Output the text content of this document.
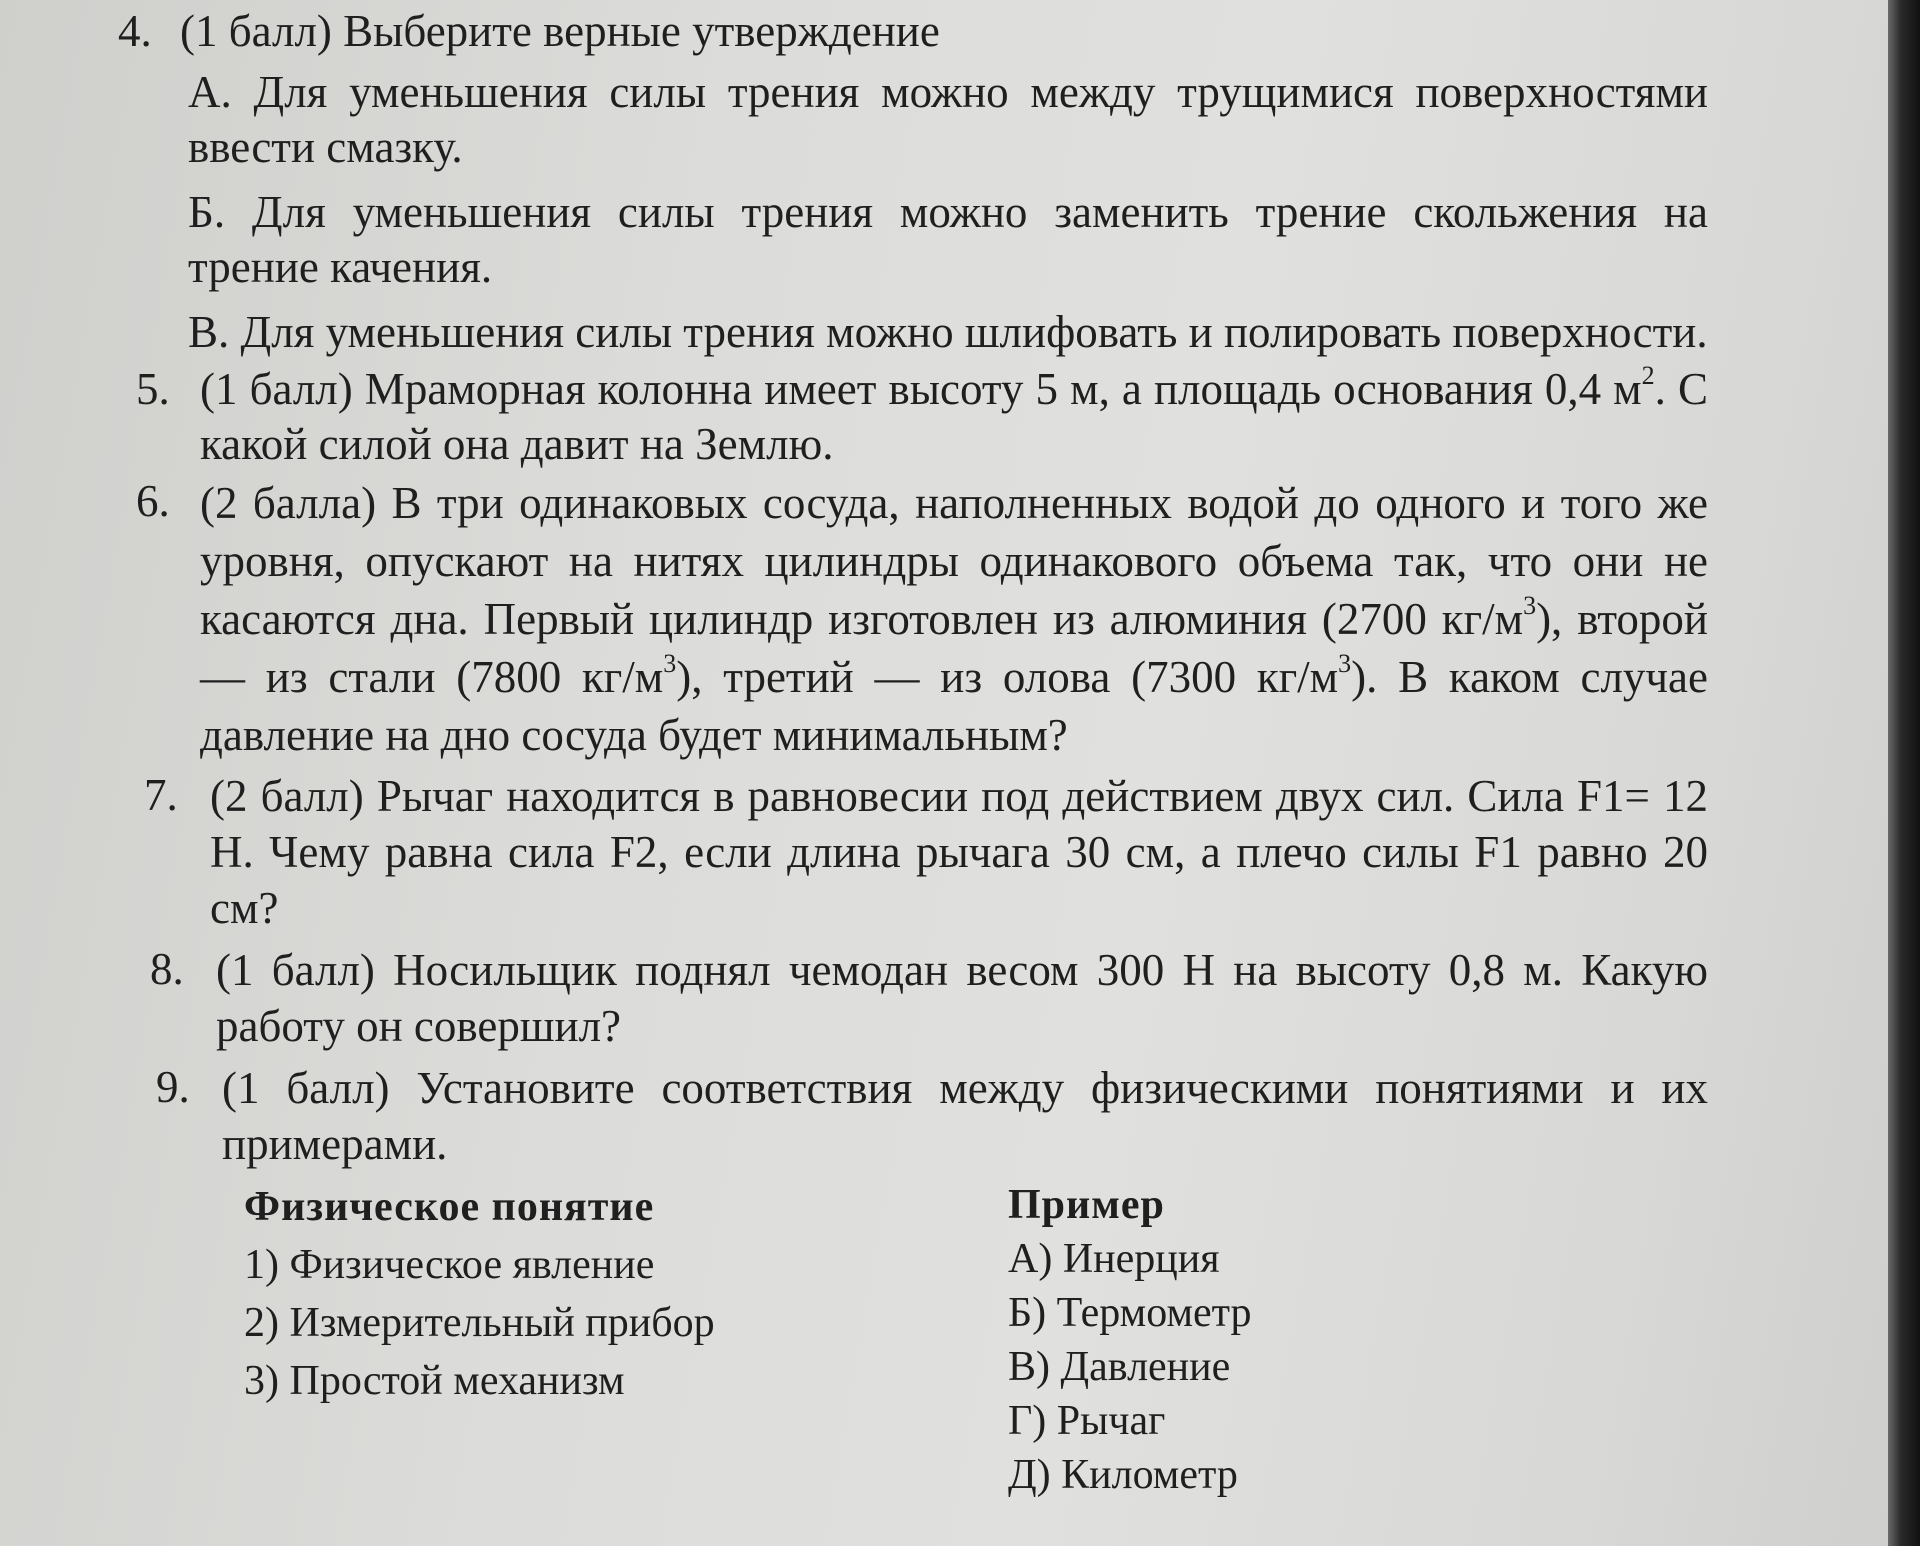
4. (1 балл) Выберите верные утверждение

А. Для уменьшения силы трения можно между трущимися поверхностями ввести смазку.

Б. Для уменьшения силы трения можно заменить трение скольжения на трение качения.

В. Для уменьшения силы трения можно шлифовать и полировать поверхности.

5. (1 балл) Мраморная колонна имеет высоту 5 м, а площадь основания 0,4 $м^2$. С какой силой она давит на Землю.

6. (2 балла) В три одинаковых сосуда, наполненных водой до одного и того же уровня, опускают на нитях цилиндры одинакового объема так, что они не касаются дна. Первый цилиндр изготовлен из алюминия (2700 $кг/м^3$), второй — из стали (7800 $кг/м^3$), третий — из олова (7300 $кг/м^3$). В каком случае давление на дно сосуда будет минимальным?

7. (2 балл) Рычаг находится в равновесии под действием двух сил. Сила F1= 12 Н. Чему равна сила F2, если длина рычага 30 см, а плечо силы F1 равно 20 см?

8. (1 балл) Носильщик поднял чемодан весом 300 Н на высоту 0,8 м. Какую работу он совершил?

9. (1 балл) Установите соответствия между физическими понятиями и их примерами.

Физическое понятие
1) Физическое явление
2) Измерительный прибор
3) Простой механизм
Пример
А) Инерция
Б) Термометр
В) Давление
Г) Рычаг
Д) Километр
